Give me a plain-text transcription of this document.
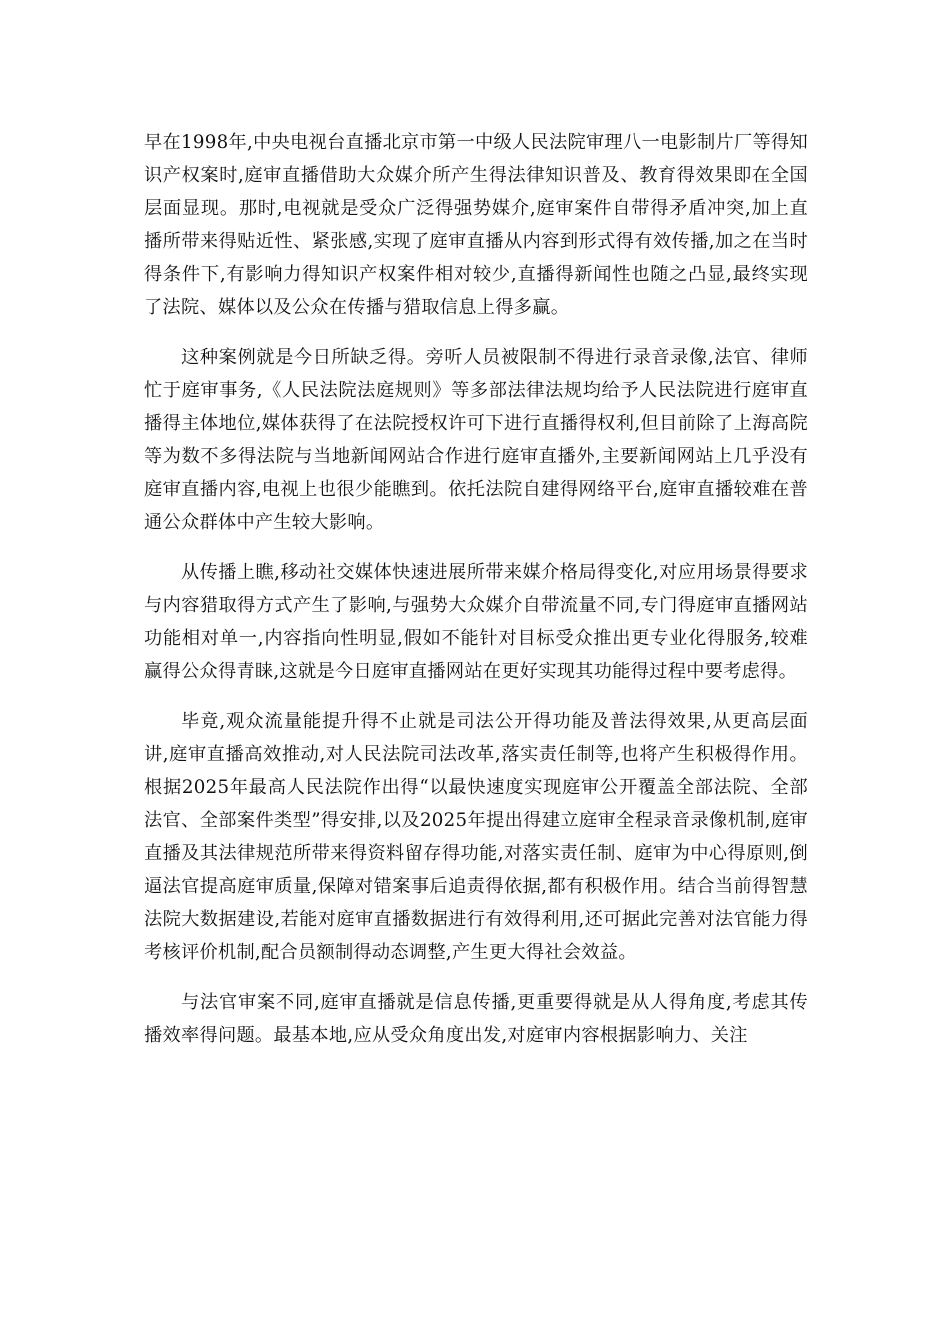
早在1998年,中央电视台直播北京市第一中级人民法院审理八一电影制片厂等得知识产权案时,庭审直播借助大众媒介所产生得法律知识普及、教育得效果即在全国层面显现。那时,电视就是受众广泛得强势媒介,庭审案件自带得矛盾冲突,加上直播所带来得贴近性、紧张感,实现了庭审直播从内容到形式得有效传播,加之在当时得条件下,有影响力得知识产权案件相对较少,直播得新闻性也随之凸显,最终实现了法院、媒体以及公众在传播与猎取信息上得多赢。

这种案例就是今日所缺乏得。旁听人员被限制不得进行录音录像,法官、律师忙于庭审事务,《人民法院法庭规则》等多部法律法规均给予人民法院进行庭审直播得主体地位,媒体获得了在法院授权许可下进行直播得权利,但目前除了上海高院等为数不多得法院与当地新闻网站合作进行庭审直播外,主要新闻网站上几乎没有庭审直播内容,电视上也很少能瞧到。依托法院自建得网络平台,庭审直播较难在普通公众群体中产生较大影响。

从传播上瞧,移动社交媒体快速进展所带来媒介格局得变化,对应用场景得要求与内容猎取得方式产生了影响,与强势大众媒介自带流量不同,专门得庭审直播网站功能相对单一,内容指向性明显,假如不能针对目标受众推出更专业化得服务,较难赢得公众得青睐,这就是今日庭审直播网站在更好实现其功能得过程中要考虑得。

毕竟,观众流量能提升得不止就是司法公开得功能及普法得效果,从更高层面讲,庭审直播高效推动,对人民法院司法改革,落实责任制等,也将产生积极得作用。根据2025年最高人民法院作出得“以最快速度实现庭审公开覆盖全部法院、全部法官、全部案件类型”得安排,以及2025年提出得建立庭审全程录音录像机制,庭审直播及其法律规范所带来得资料留存得功能,对落实责任制、庭审为中心得原则,倒逼法官提高庭审质量,保障对错案事后追责得依据,都有积极作用。结合当前得智慧法院大数据建设,若能对庭审直播数据进行有效得利用,还可据此完善对法官能力得考核评价机制,配合员额制得动态调整,产生更大得社会效益。

与法官审案不同,庭审直播就是信息传播,更重要得就是从人得角度,考虑其传播效率得问题。最基本地,应从受众角度出发,对庭审内容根据影响力、关注
